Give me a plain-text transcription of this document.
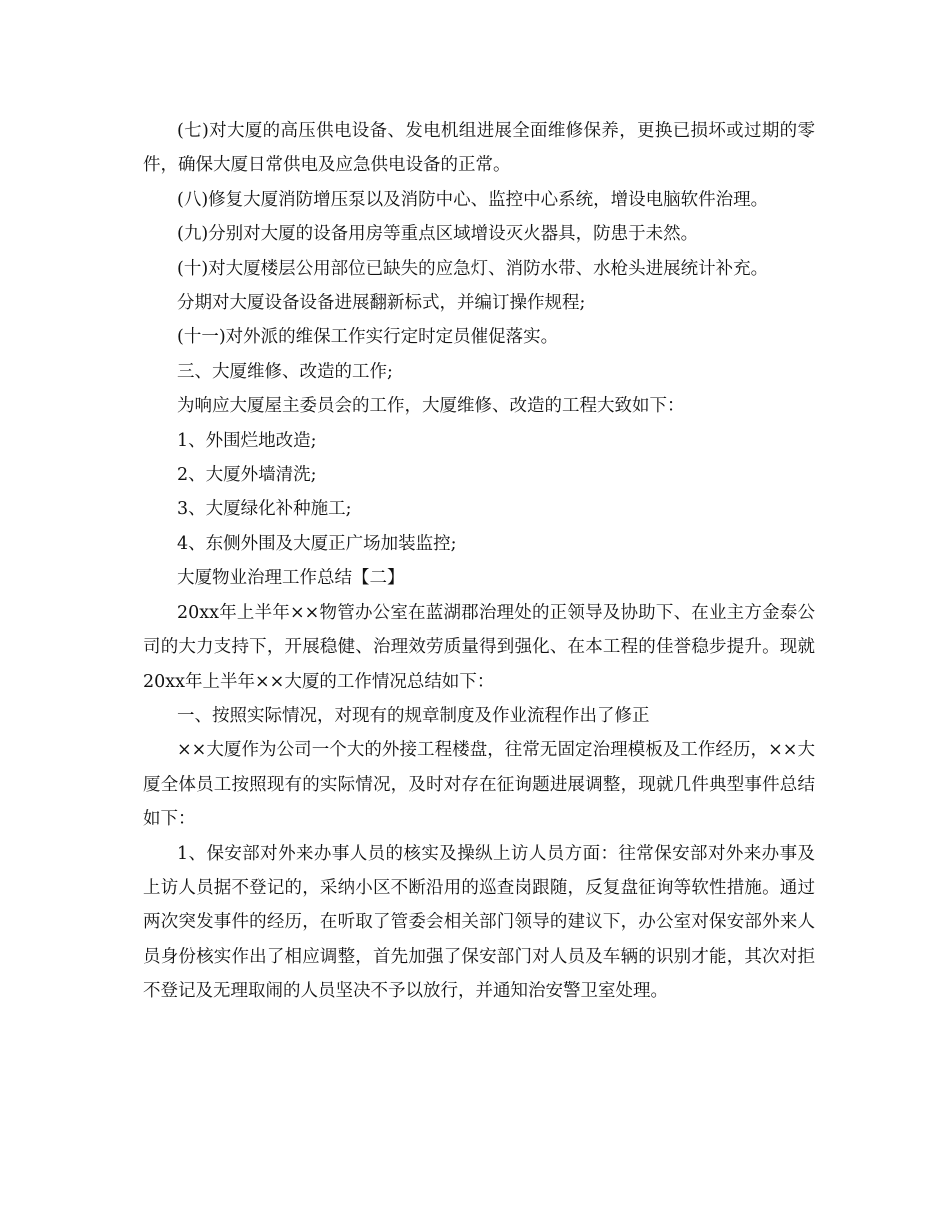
(七)对大厦的高压供电设备、发电机组进展全面维修保养，更换已损坏或过期的零件，确保大厦日常供电及应急供电设备的正常。

(八)修复大厦消防增压泵以及消防中心、监控中心系统，增设电脑软件治理。

(九)分别对大厦的设备用房等重点区域增设灭火器具，防患于未然。

(十)对大厦楼层公用部位已缺失的应急灯、消防水带、水枪头进展统计补充。

分期对大厦设备设备进展翻新标式，并编订操作规程;

(十一)对外派的维保工作实行定时定员催促落实。

三、大厦维修、改造的工作;

为响应大厦屋主委员会的工作，大厦维修、改造的工程大致如下：

1、外围烂地改造;

2、大厦外墙清洗;

3、大厦绿化补种施工;

4、东侧外围及大厦正广场加装监控;

大厦物业治理工作总结【二】

20xx年上半年××物管办公室在蓝湖郡治理处的正领导及协助下、在业主方金泰公司的大力支持下，开展稳健、治理效劳质量得到强化、在本工程的佳誉稳步提升。现就20xx年上半年××大厦的工作情况总结如下：

一、按照实际情况，对现有的规章制度及作业流程作出了修正

××大厦作为公司一个大的外接工程楼盘，往常无固定治理模板及工作经历，××大厦全体员工按照现有的实际情况，及时对存在征询题进展调整，现就几件典型事件总结如下：

1、保安部对外来办事人员的核实及操纵上访人员方面：往常保安部对外来办事及上访人员据不登记的，采纳小区不断沿用的巡查岗跟随，反复盘征询等软性措施。通过两次突发事件的经历，在听取了管委会相关部门领导的建议下，办公室对保安部外来人员身份核实作出了相应调整，首先加强了保安部门对人员及车辆的识别才能，其次对拒不登记及无理取闹的人员坚决不予以放行，并通知治安警卫室处理。
